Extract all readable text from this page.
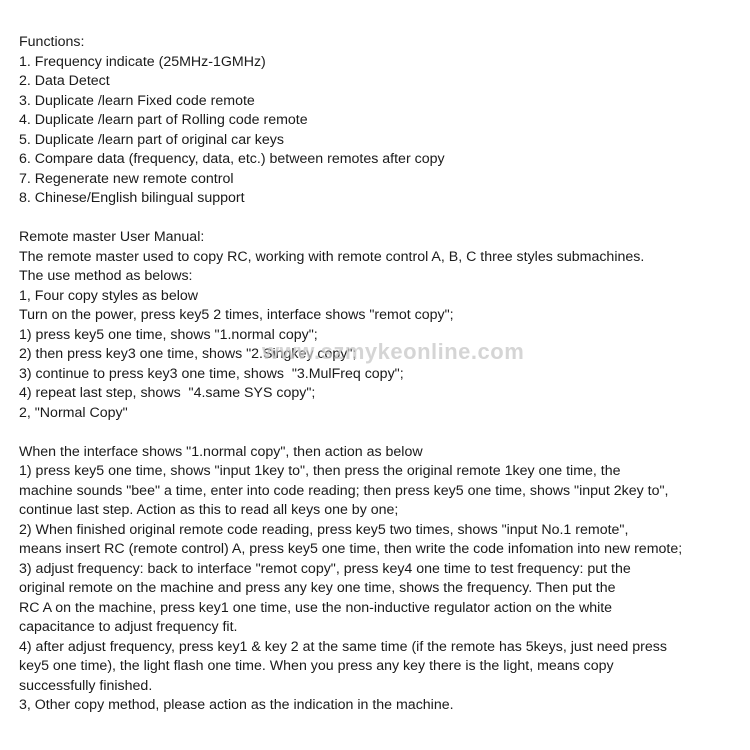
Functions:
1. Frequency indicate (25MHz-1GMHz)
2. Data Detect
3. Duplicate /learn Fixed code remote
4. Duplicate /learn part of Rolling code remote
5. Duplicate /learn part of original car keys
6. Compare data (frequency, data, etc.) between remotes after copy
7. Regenerate new remote control
8. Chinese/English bilingual support
Remote master User Manual:
The remote master used to copy RC, working with remote control A, B, C three styles submachines.
The use method as belows:
1, Four copy styles as below
Turn on the power, press key5 2 times, interface shows "remot copy";
1) press key5 one time, shows "1.normal copy";
2) then press key3 one time, shows "2.Singkey copy";
3) continue to press key3 one time, shows  "3.MulFreq copy";
4) repeat last step, shows  "4.same SYS copy";
2, "Normal Copy"
When the interface shows "1.normal copy", then action as below
1) press key5 one time, shows "input 1key to", then press the original remote 1key one time, the
machine sounds "bee" a time, enter into code reading; then press key5 one time, shows "input 2key to",
continue last step. Action as this to read all keys one by one;
2) When finished original remote code reading, press key5 two times, shows "input No.1 remote",
means insert RC (remote control) A, press key5 one time, then write the code infomation into new remote;
3) adjust frequency: back to interface "remot copy", press key4 one time to test frequency: put the
original remote on the machine and press any key one time, shows the frequency. Then put the
RC A on the machine, press key1 one time, use the non-inductive regulator action on the white
capacitance to adjust frequency fit.
4) after adjust frequency, press key1 & key 2 at the same time (if the remote has 5keys, just need press
key5 one time), the light flash one time. When you press any key there is the light, means copy
successfully finished.
3, Other copy method, please action as the indication in the machine.
www.szmykeonline.com
